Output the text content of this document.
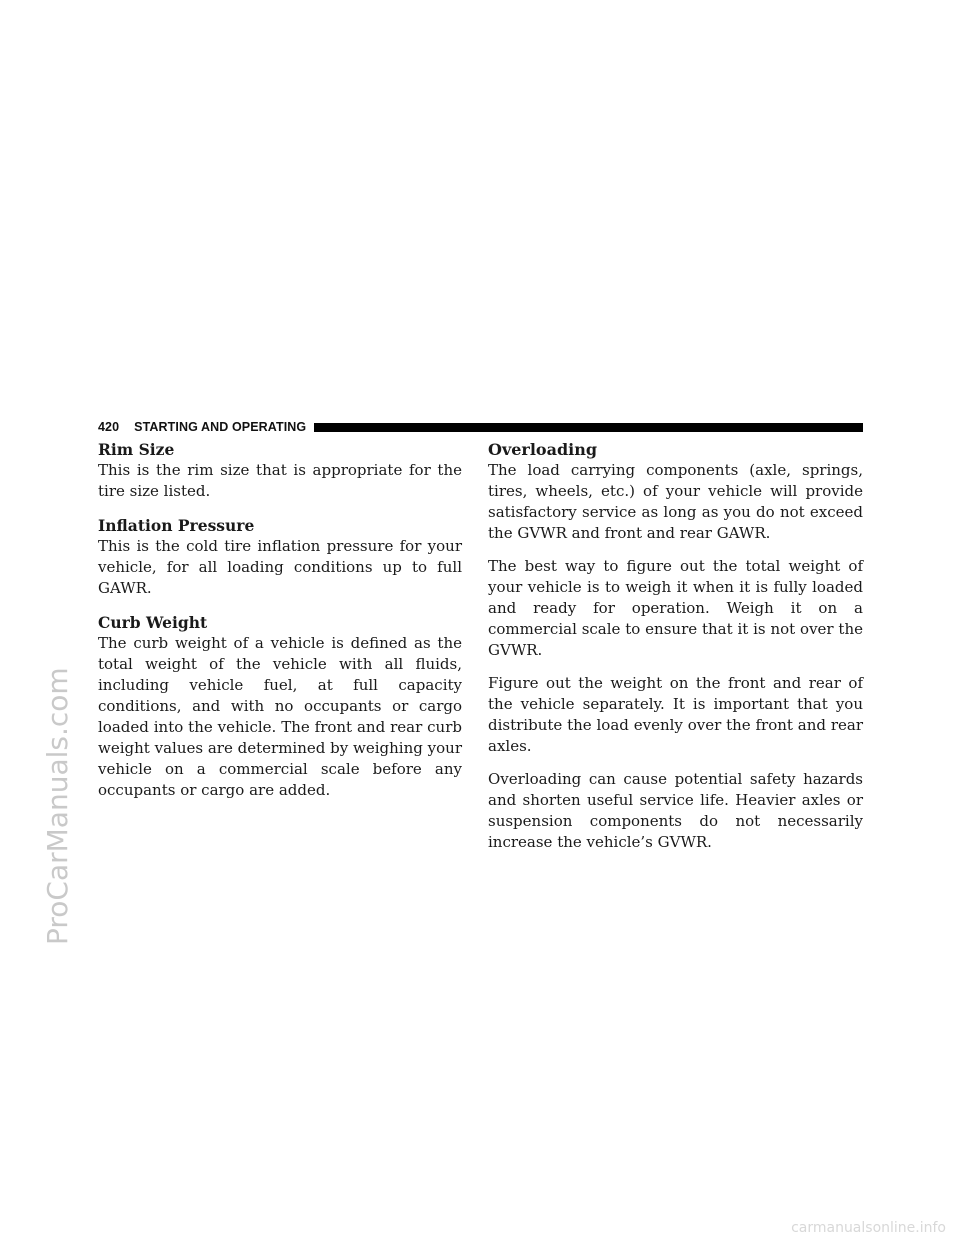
420	STARTING AND OPERATING
Rim Size

This is the rim size that is appropriate for the tire size listed.

Inflation Pressure

This is the cold tire inflation pressure for your vehicle, for all loading conditions up to full GAWR.

Curb Weight

The curb weight of a vehicle is defined as the total weight of the vehicle with all fluids, including vehicle fuel, at full capacity conditions, and with no occupants or cargo loaded into the vehicle. The front and rear curb weight values are determined by weighing your vehicle on a commercial scale before any occupants or cargo are added.

Overloading

The load carrying components (axle, springs, tires, wheels, etc.) of your vehicle will provide satisfactory service as long as you do not exceed the GVWR and front and rear GAWR.

The best way to figure out the total weight of your vehicle is to weigh it when it is fully loaded and ready for operation. Weigh it on a commercial scale to ensure that it is not over the GVWR.

Figure out the weight on the front and rear of the vehicle separately. It is important that you distribute the load evenly over the front and rear axles.

Overloading can cause potential safety hazards and shorten useful service life. Heavier axles or suspension components do not necessarily increase the vehicle’s GVWR.

ProCarManuals.com
carmanualsonline.info
